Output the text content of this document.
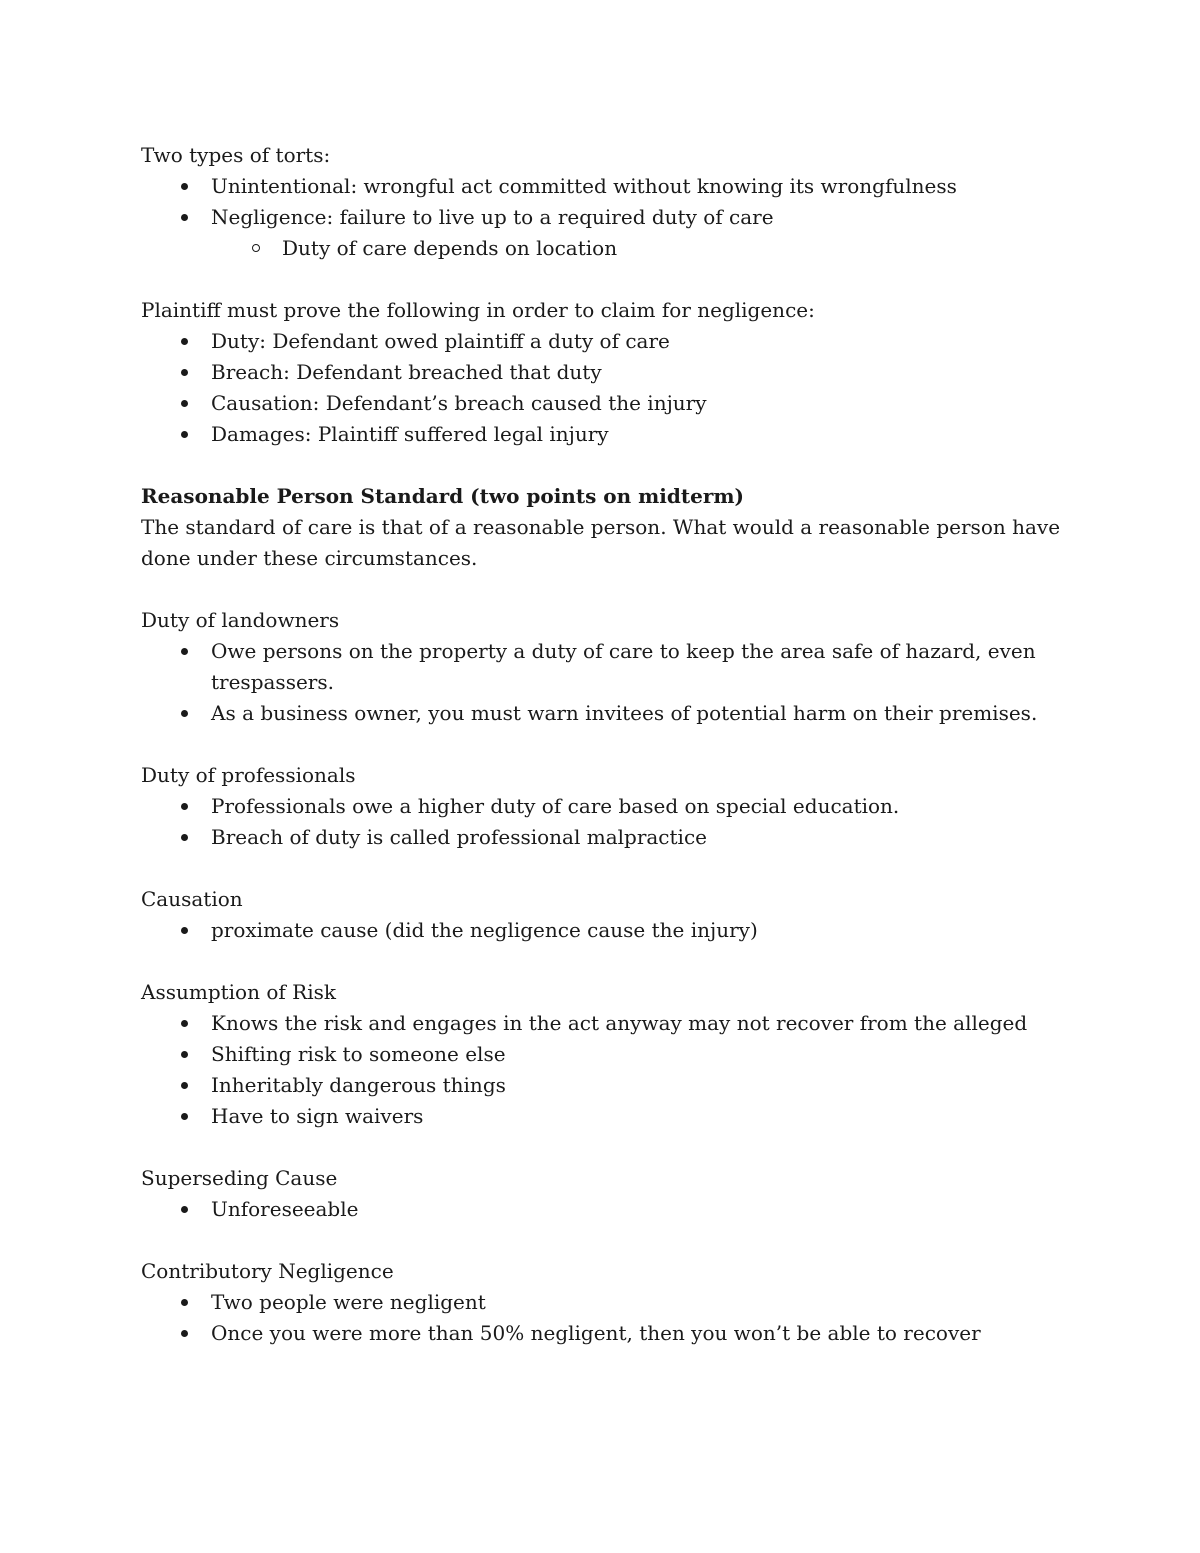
Two types of torts:

Unintentional: wrongful act committed without knowing its wrongfulness
Negligence: failure to live up to a required duty of care
Duty of care depends on location

Plaintiff must prove the following in order to claim for negligence:

Duty: Defendant owed plaintiff a duty of care
Breach: Defendant breached that duty
Causation: Defendant’s breach caused the injury
Damages: Plaintiff suffered legal injury

Reasonable Person Standard (two points on midterm)

The standard of care is that of a reasonable person. What would a reasonable person have done under these circumstances.

Duty of landowners

Owe persons on the property a duty of care to keep the area safe of hazard, even trespassers.
As a business owner, you must warn invitees of potential harm on their premises.

Duty of professionals

Professionals owe a higher duty of care based on special education.
Breach of duty is called professional malpractice

Causation

proximate cause (did the negligence cause the injury)

Assumption of Risk

Knows the risk and engages in the act anyway may not recover from the alleged
Shifting risk to someone else
Inheritably dangerous things
Have to sign waivers

Superseding Cause

Unforeseeable

Contributory Negligence

Two people were negligent
Once you were more than 50% negligent, then you won’t be able to recover
